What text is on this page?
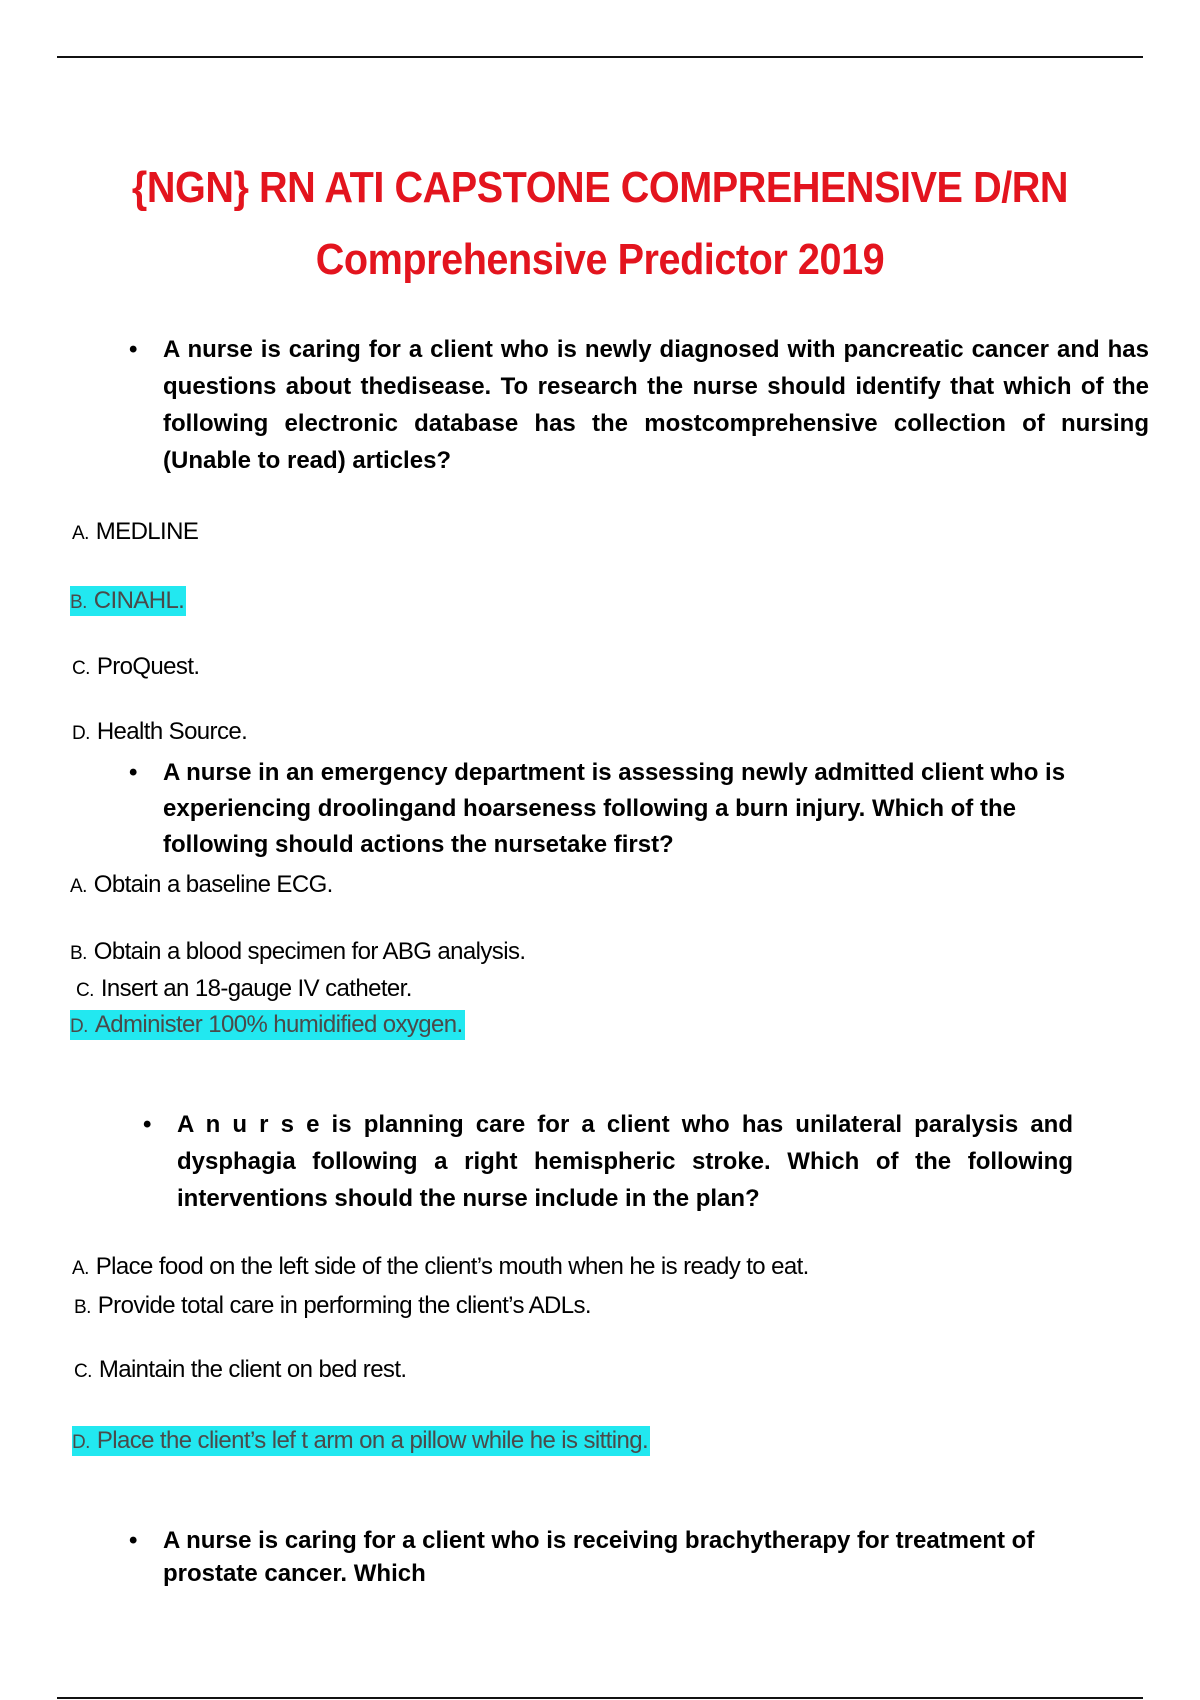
{NGN} RN ATI CAPSTONE COMPREHENSIVE D/RN
Comprehensive Predictor 2019
• A nurse is caring for a client who is newly diagnosed with pancreatic cancer and has questions about thedisease. To research the nurse should identify that which of the following electronic database has the mostcomprehensive collection of nursing (Unable to read) articles?
A. MEDLINE
B. CINAHL.
C. ProQuest.
D. Health Source.
• A nurse in an emergency department is assessing newly admitted client who is experiencing droolingand hoarseness following a burn injury. Which of the following should actions the nursetake first?
A. Obtain a baseline ECG.
B. Obtain a blood specimen for ABG analysis.
C. Insert an 18-gauge IV catheter.
D. Administer 100% humidified oxygen.
• A n u r s e is planning care for a client who has unilateral paralysis and dysphagia following a right hemispheric stroke. Which of the following interventions should the nurse include in the plan?
A. Place food on the left side of the client’s mouth when he is ready to eat.
B. Provide total care in performing the client’s ADLs.
C. Maintain the client on bed rest.
D. Place the client’s lef t arm on a pillow while he is sitting.
• A nurse is caring for a client who is receiving brachytherapy for treatment of prostate cancer. Which
